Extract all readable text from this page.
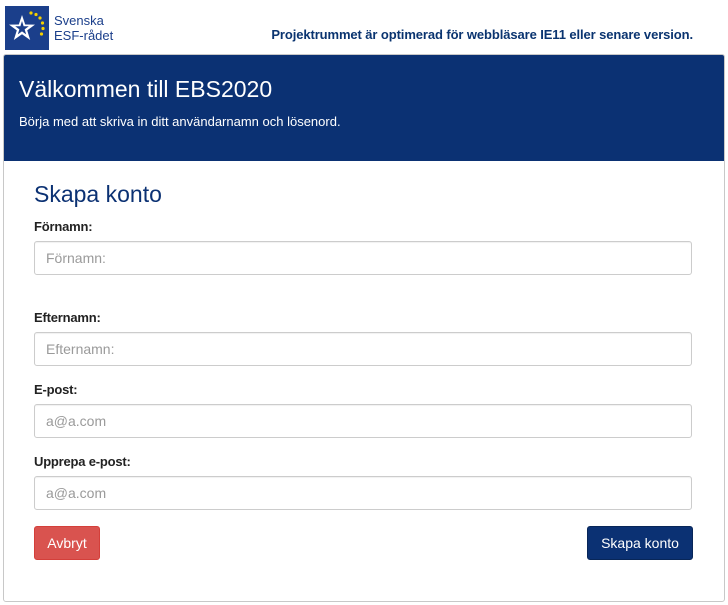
Svenska
ESF-rådet	Projektrummet är optimerad för webbläsare IE11 eller senare version.
Välkommen till EBS2020
Börja med att skriva in ditt användarnamn och lösenord.
Skapa konto
Förnamn:
Förnamn:
Efternamn:
Efternamn:
E-post:
a@a.com
Upprepa e-post:
a@a.com
Avbryt	Skapa konto
